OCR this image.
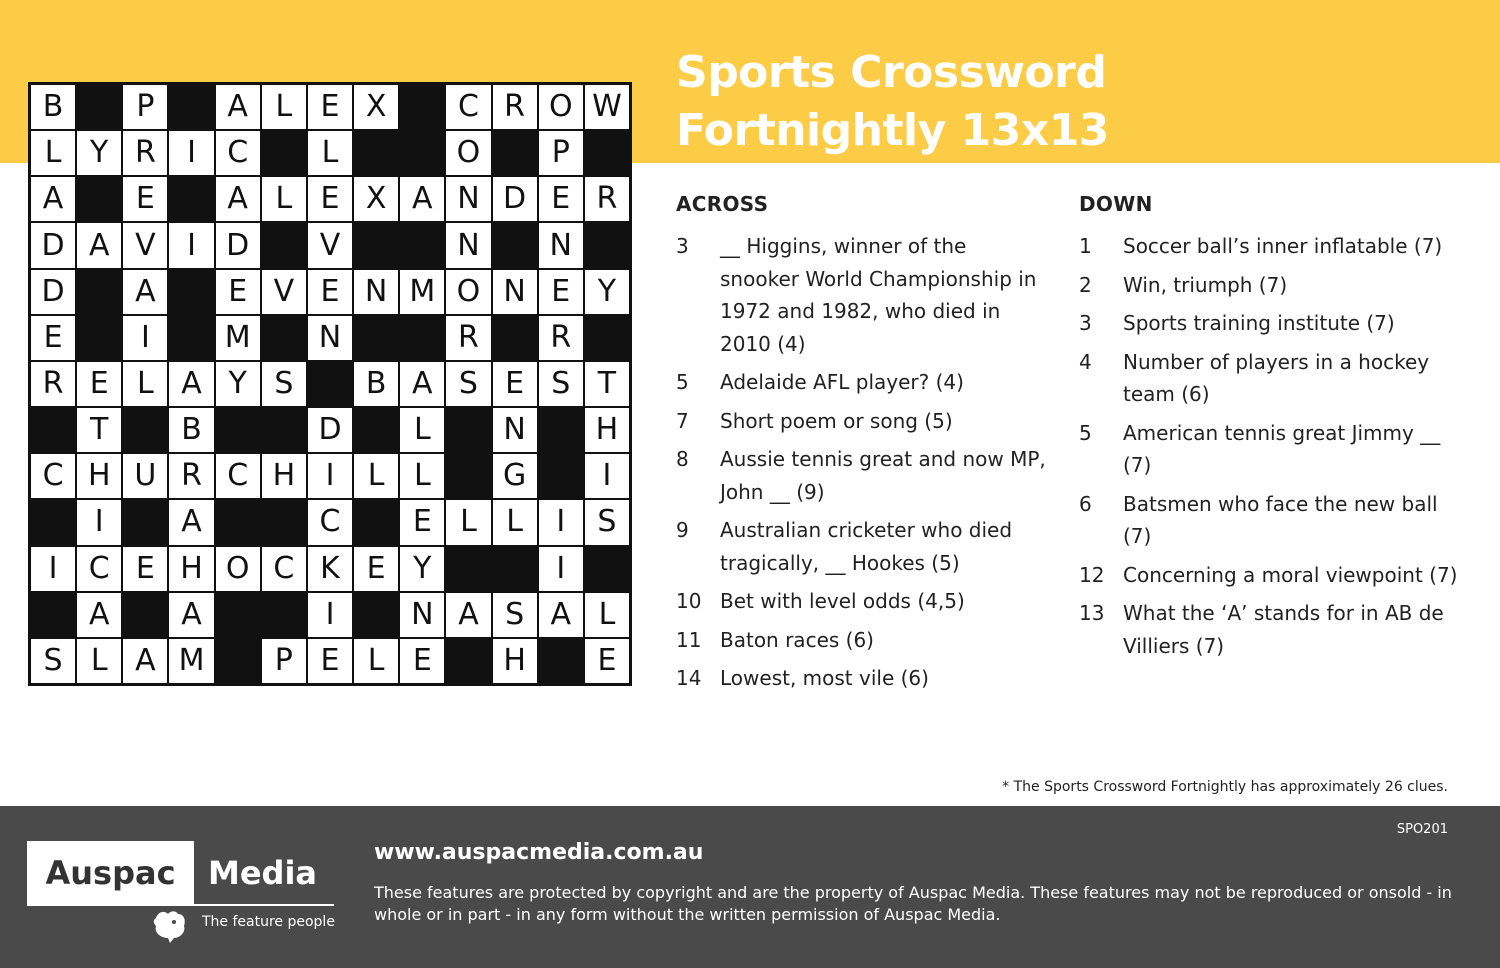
Sports Crossword
Fortnightly 13x13
B	P	A L E X	C R O W
L Y R	I	C	L	O	P
A	E	A L E X A N D E R
D A V	I	D	V	N	N
D	A	E V E N M O N E Y
E	I	M	N	R	R
R E L A Y S	B A S E S T
T	B	D	L	N	H
C H U R C H	I	L L	G	I
I	A	C	E L L	I	S
I	C E H O C K E Y	I
A	A	I	N A S A L
S L A M	P E L E	H	E
ACROSS
3	__ Higgins, winner of the snooker World Championship in 1972 and 1982, who died in 2010 (4)
5	Adelaide AFL player? (4)
7	Short poem or song (5)
8	Aussie tennis great and now MP, John __ (9)
9	Australian cricketer who died tragically, __ Hookes (5)
10 Bet with level odds (4,5)
11 Baton races (6)
14 Lowest, most vile (6)
DOWN
1	Soccer ball’s inner inflatable (7)
2	Win, triumph (7)
3	Sports training institute (7)
4	Number of players in a hockey team (6)
5	American tennis great Jimmy __ (7)
6	Batsmen who face the new ball (7)
12 Concerning a moral viewpoint (7)
13 What the ‘A’ stands for in AB de Villiers (7)
* The Sports Crossword Fortnightly has approximately 26 clues.
SPO201
Auspac	Media
The feature people
www.auspacmedia.com.au
These features are protected by copyright and are the property of Auspac Media. These features may not be reproduced or onsold - in whole or in part - in any form without the written permission of Auspac Media.
